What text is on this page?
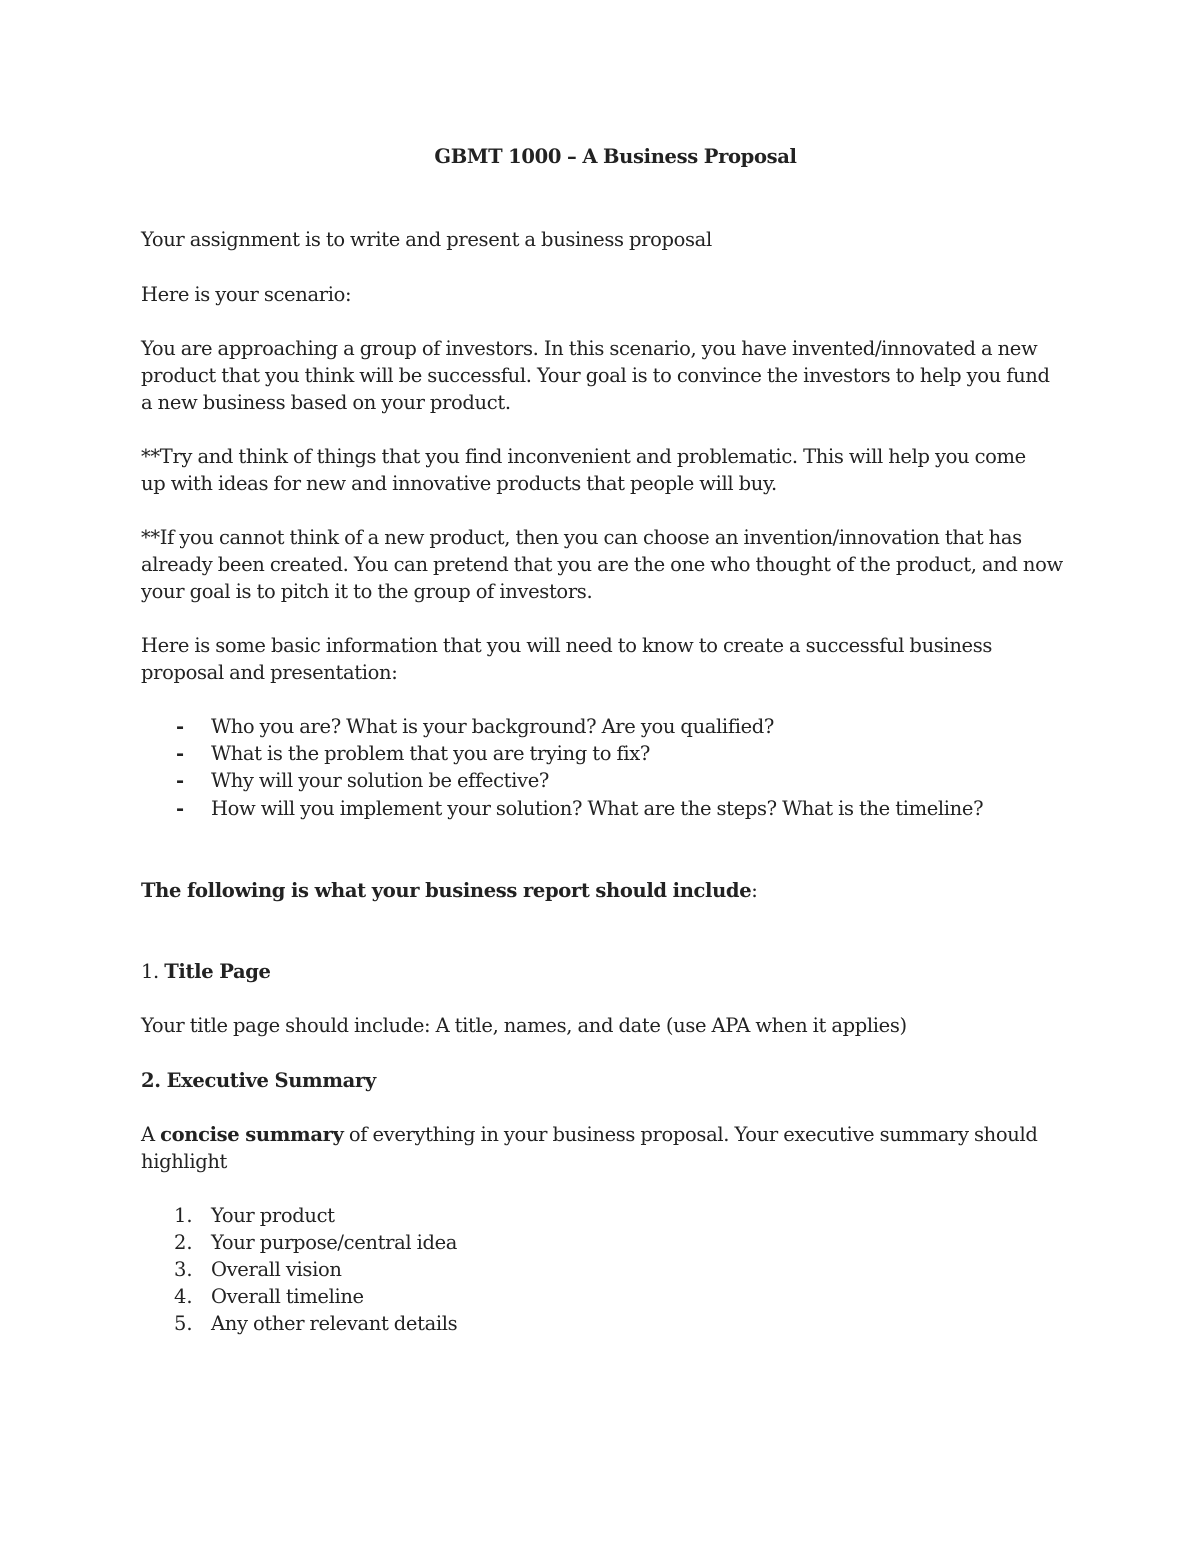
GBMT 1000 – A Business Proposal

Your assignment is to write and present a business proposal

Here is your scenario:

You are approaching a group of investors. In this scenario, you have invented/innovated a new

product that you think will be successful. Your goal is to convince the investors to help you fund

a new business based on your product.

**Try and think of things that you find inconvenient and problematic. This will help you come

up with ideas for new and innovative products that people will buy.

**If you cannot think of a new product, then you can choose an invention/innovation that has

already been created. You can pretend that you are the one who thought of the product, and now

your goal is to pitch it to the group of investors.

Here is some basic information that you will need to know to create a successful business

proposal and presentation:

- Who you are? What is your background? Are you qualified?
- What is the problem that you are trying to fix?
- Why will your solution be effective?
- How will you implement your solution? What are the steps? What is the timeline?

The following is what your business report should include:

1. Title Page

Your title page should include: A title, names, and date (use APA when it applies)

2. Executive Summary

A concise summary of everything in your business proposal. Your executive summary should

highlight

1. Your product
2. Your purpose/central idea
3. Overall vision
4. Overall timeline
5. Any other relevant details
